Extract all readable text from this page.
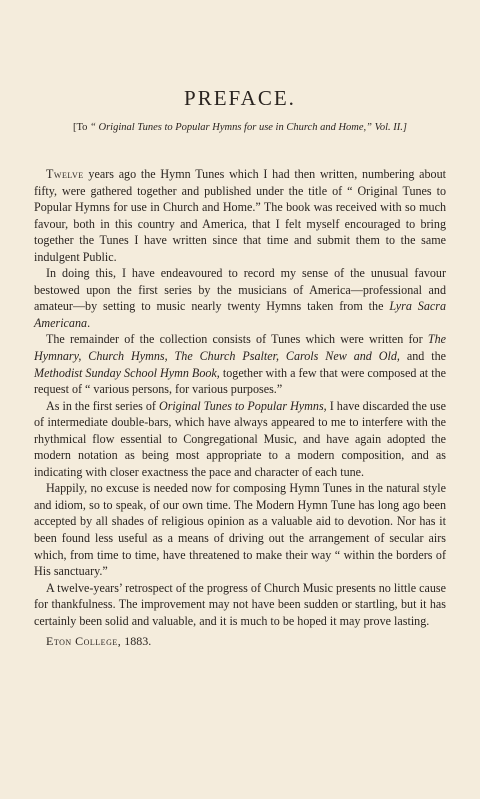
PREFACE.
[To “ Original Tunes to Popular Hymns for use in Church and Home,” Vol. II.]

Twelve years ago the Hymn Tunes which I had then written, numbering about fifty, were gathered together and published under the title of “ Original Tunes to Popular Hymns for use in Church and Home.” The book was received with so much favour, both in this country and America, that I felt myself encouraged to bring together the Tunes I have written since that time and submit them to the same indulgent Public.

In doing this, I have endeavoured to record my sense of the unusual favour bestowed upon the first series by the musicians of America—professional and amateur—by setting to music nearly twenty Hymns taken from the Lyra Sacra Americana.

The remainder of the collection consists of Tunes which were written for The Hymnary, Church Hymns, The Church Psalter, Carols New and Old, and the Methodist Sunday School Hymn Book, together with a few that were composed at the request of “ various persons, for various purposes.”

As in the first series of Original Tunes to Popular Hymns, I have discarded the use of intermediate double-bars, which have always appeared to me to interfere with the rhythmical flow essential to Congregational Music, and have again adopted the modern notation as being most appropriate to a modern composition, and as indicating with closer exactness the pace and character of each tune.

Happily, no excuse is needed now for composing Hymn Tunes in the natural style and idiom, so to speak, of our own time. The Modern Hymn Tune has long ago been accepted by all shades of religious opinion as a valuable aid to devotion. Nor has it been found less useful as a means of driving out the arrangement of secular airs which, from time to time, have threatened to make their way “ within the borders of His sanctuary.”

A twelve-years’ retrospect of the progress of Church Music presents no little cause for thankfulness. The improvement may not have been sudden or startling, but it has certainly been solid and valuable, and it is much to be hoped it may prove lasting.

Eton College, 1883.
